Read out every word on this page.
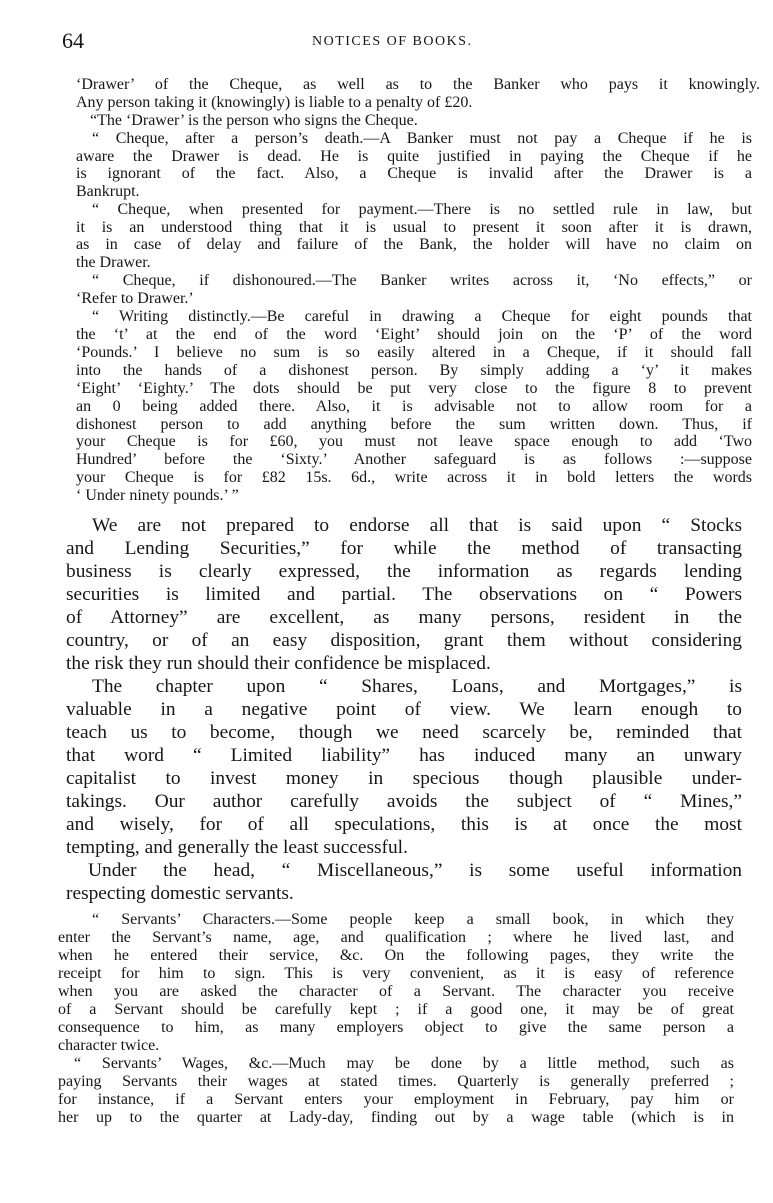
64	NOTICES OF BOOKS.
‘Drawer’ of the Cheque, as well as to the Banker who pays it knowingly.
Any person taking it (knowingly) is liable to a penalty of £20.
“The ‘Drawer’ is the person who signs the Cheque.
“ Cheque, after a person’s death.—A Banker must not pay a Cheque if he is
aware the Drawer is dead. He is quite justified in paying the Cheque if he
is ignorant of the fact. Also, a Cheque is invalid after the Drawer is a
Bankrupt.
“ Cheque, when presented for payment.—There is no settled rule in law, but
it is an understood thing that it is usual to present it soon after it is drawn,
as in case of delay and failure of the Bank, the holder will have no claim on
the Drawer.
“ Cheque, if dishonoured.—The Banker writes across it, ‘No effects,” or
‘Refer to Drawer.’
“ Writing distinctly.—Be careful in drawing a Cheque for eight pounds that
the ‘t’ at the end of the word ‘Eight’ should join on the ‘P’ of the word
‘Pounds.’ I believe no sum is so easily altered in a Cheque, if it should fall
into the hands of a dishonest person. By simply adding a ‘y’ it makes
‘Eight’ ‘Eighty.’ The dots should be put very close to the figure 8 to prevent
an 0 being added there. Also, it is advisable not to allow room for a
dishonest person to add anything before the sum written down. Thus, if
your Cheque is for £60, you must not leave space enough to add ‘Two
Hundred’ before the ‘Sixty.’ Another safeguard is as follows :—suppose
your Cheque is for £82 15s. 6d., write across it in bold letters the words
‘ Under ninety pounds.’ ”
We are not prepared to endorse all that is said upon “ Stocks
and Lending Securities,” for while the method of transacting
business is clearly expressed, the information as regards lending
securities is limited and partial. The observations on “ Powers
of Attorney” are excellent, as many persons, resident in the
country, or of an easy disposition, grant them without considering
the risk they run should their confidence be misplaced.
The chapter upon “ Shares, Loans, and Mortgages,” is
valuable in a negative point of view. We learn enough to
teach us to become, though we need scarcely be, reminded that
that word “ Limited liability” has induced many an unwary
capitalist to invest money in specious though plausible under-
takings. Our author carefully avoids the subject of “ Mines,”
and wisely, for of all speculations, this is at once the most
tempting, and generally the least successful.
Under the head, “ Miscellaneous,” is some useful information
respecting domestic servants.
“ Servants’ Characters.—Some people keep a small book, in which they
enter the Servant’s name, age, and qualification ; where he lived last, and
when he entered their service, &c. On the following pages, they write the
receipt for him to sign. This is very convenient, as it is easy of reference
when you are asked the character of a Servant. The character you receive
of a Servant should be carefully kept ; if a good one, it may be of great
consequence to him, as many employers object to give the same person a
character twice.
“ Servants’ Wages, &c.—Much may be done by a little method, such as
paying Servants their wages at stated times. Quarterly is generally preferred ;
for instance, if a Servant enters your employment in February, pay him or
her up to the quarter at Lady-day, finding out by a wage table (which is in
